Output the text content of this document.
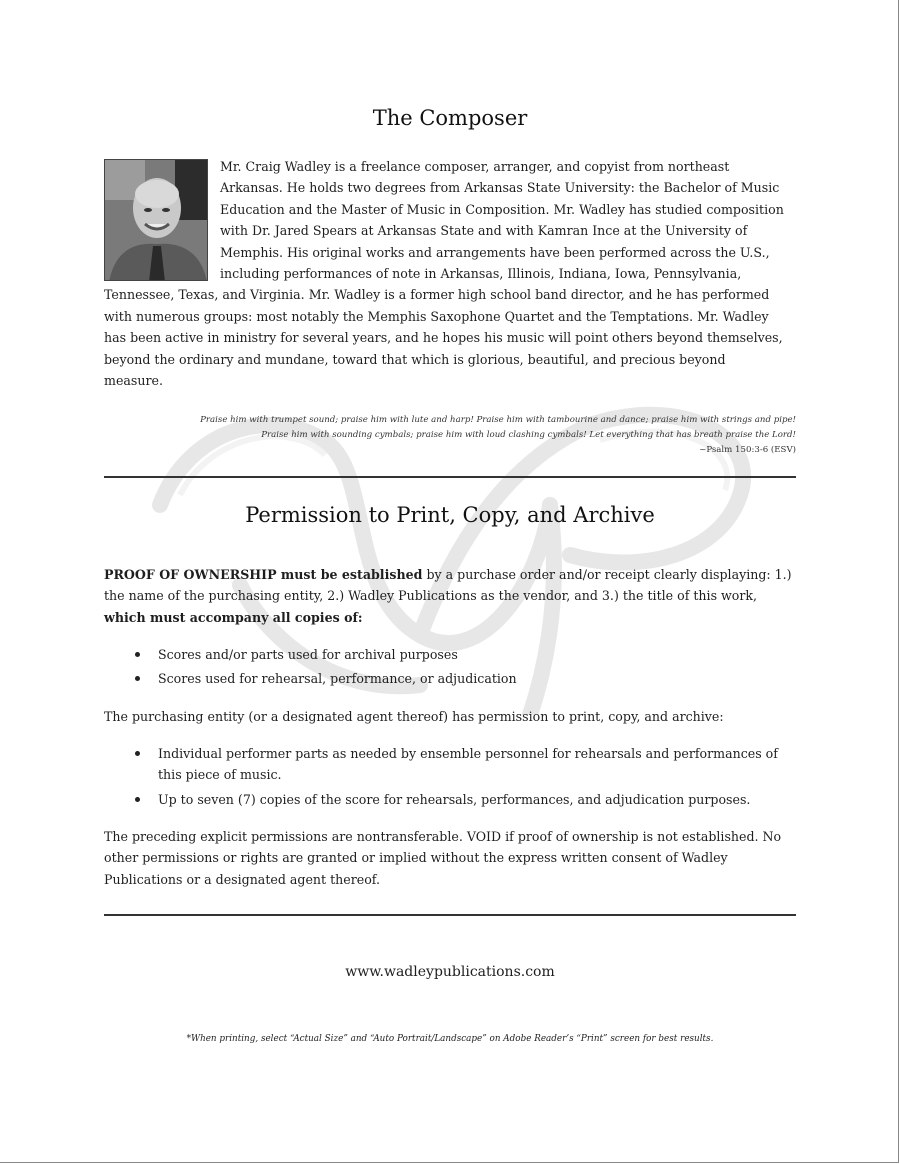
The Composer
Mr. Craig Wadley is a freelance composer, arranger, and copyist from northeast Arkansas. He holds two degrees from Arkansas State University: the Bachelor of Music Education and the Master of Music in Composition. Mr. Wadley has studied composition with Dr. Jared Spears at Arkansas State and with Kamran Ince at the University of Memphis. His original works and arrangements have been performed across the U.S., including performances of note in Arkansas, Illinois, Indiana, Iowa, Pennsylvania, Tennessee, Texas, and Virginia. Mr. Wadley is a former high school band director, and he has performed with numerous groups: most notably the Memphis Saxophone Quartet and the Temptations. Mr. Wadley has been active in ministry for several years, and he hopes his music will point others beyond themselves, beyond the ordinary and mundane, toward that which is glorious, beautiful, and precious beyond measure.
Praise him with trumpet sound; praise him with lute and harp! Praise him with tambourine and dance; praise him with strings and pipe!
Praise him with sounding cymbals; praise him with loud clashing cymbals! Let everything that has breath praise the Lord!
~Psalm 150:3-6 (ESV)
Permission to Print, Copy, and Archive
PROOF OF OWNERSHIP must be established by a purchase order and/or receipt clearly displaying: 1.) the name of the purchasing entity, 2.) Wadley Publications as the vendor, and 3.) the title of this work, which must accompany all copies of:
Scores and/or parts used for archival purposes
Scores used for rehearsal, performance, or adjudication
The purchasing entity (or a designated agent thereof) has permission to print, copy, and archive:
Individual performer parts as needed by ensemble personnel for rehearsals and performances of this piece of music.
Up to seven (7) copies of the score for rehearsals, performances, and adjudication purposes.
The preceding explicit permissions are nontransferable. VOID if proof of ownership is not established. No other permissions or rights are granted or implied without the express written consent of Wadley Publications or a designated agent thereof.
www.wadleypublications.com
*When printing, select “Actual Size” and “Auto Portrait/Landscape” on Adobe Reader’s “Print” screen for best results.
